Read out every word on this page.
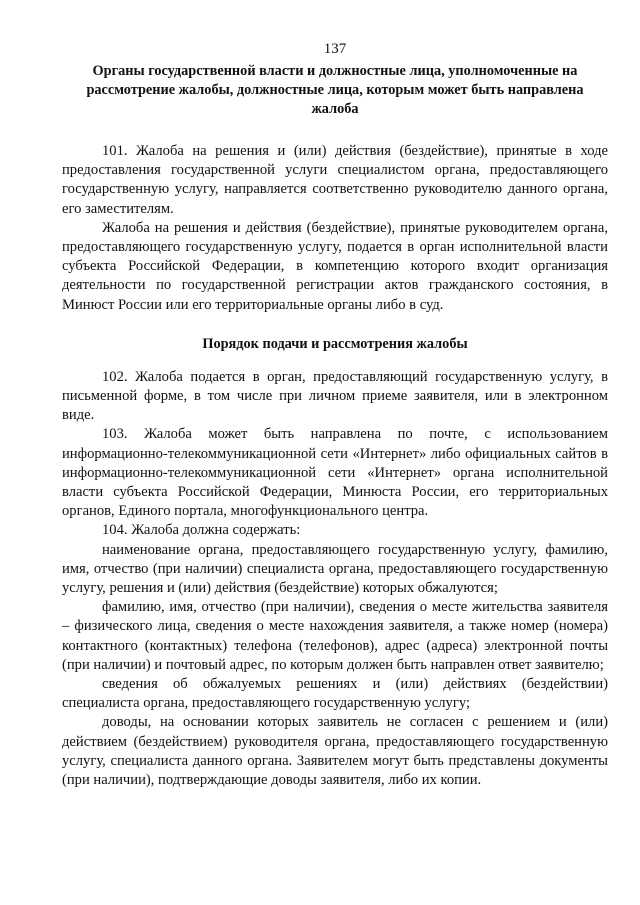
137
Органы государственной власти и должностные лица, уполномоченные на рассмотрение жалобы, должностные лица, которым может быть направлена жалоба

101. Жалоба на решения и (или) действия (бездействие), принятые в ходе предоставления государственной услуги специалистом органа, предоставляющего государственную услугу, направляется соответственно руководителю данного органа, его заместителям.

Жалоба на решения и действия (бездействие), принятые руководителем органа, предоставляющего государственную услугу, подается в орган исполнительной власти субъекта Российской Федерации, в компетенцию которого входит организация деятельности по государственной регистрации актов гражданского состояния, в Минюст России или его территориальные органы либо в суд.

Порядок подачи и рассмотрения жалобы

102. Жалоба подается в орган, предоставляющий государственную услугу, в письменной форме, в том числе при личном приеме заявителя, или в электронном виде.

103. Жалоба может быть направлена по почте, с использованием информационно-телекоммуникационной сети «Интернет» либо официальных сайтов в информационно-телекоммуникационной сети «Интернет» органа исполнительной власти субъекта Российской Федерации, Минюста России, его территориальных органов, Единого портала, многофункционального центра.

104. Жалоба должна содержать:

наименование органа, предоставляющего государственную услугу, фамилию, имя, отчество (при наличии) специалиста органа, предоставляющего государственную услугу, решения и (или) действия (бездействие) которых обжалуются;

фамилию, имя, отчество (при наличии), сведения о месте жительства заявителя – физического лица, сведения о месте нахождения заявителя, а также номер (номера) контактного (контактных) телефона (телефонов), адрес (адреса) электронной почты (при наличии) и почтовый адрес, по которым должен быть направлен ответ заявителю;

сведения об обжалуемых решениях и (или) действиях (бездействии) специалиста органа, предоставляющего государственную услугу;

доводы, на основании которых заявитель не согласен с решением и (или) действием (бездействием) руководителя органа, предоставляющего государственную услугу, специалиста данного органа. Заявителем могут быть представлены документы (при наличии), подтверждающие доводы заявителя, либо их копии.
